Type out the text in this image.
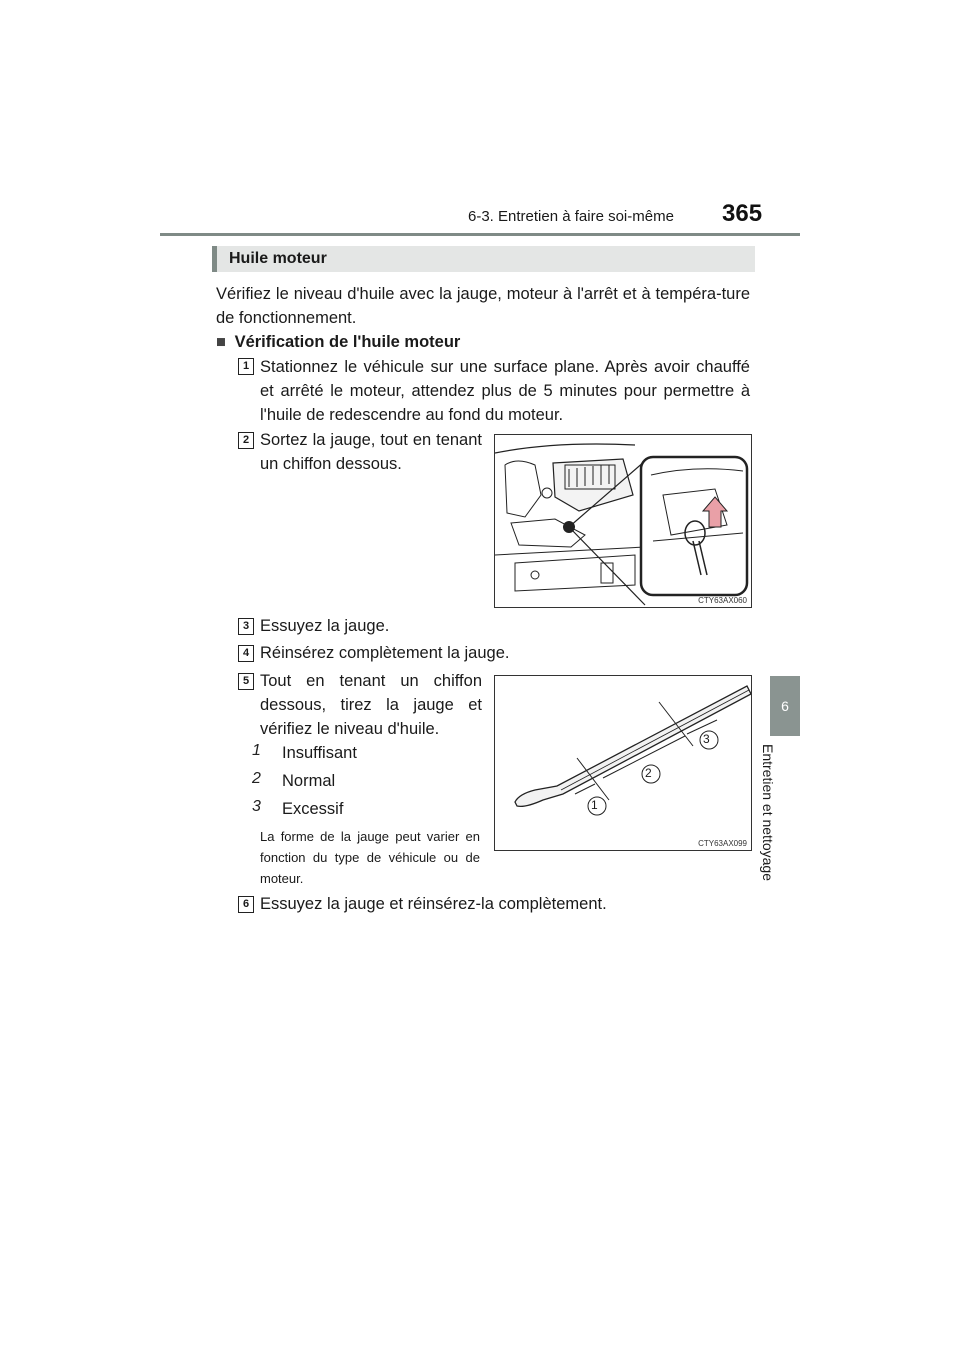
6-3. Entretien à faire soi-même 365
6
Entretien et nettoyage
Huile moteur
Vérifiez le niveau d'huile avec la jauge, moteur à l'arrêt et à tempéra-ture de fonctionnement.
■ Vérification de l'huile moteur
1 Stationnez le véhicule sur une surface plane. Après avoir chauffé et arrêté le moteur, attendez plus de 5 minutes pour permettre à l'huile de redescendre au fond du moteur.
2 Sortez la jauge, tout en tenant un chiffon dessous.
CTY63AX060
3 Essuyez la jauge.
4 Réinsérez complètement la jauge.
5 Tout en tenant un chiffon dessous, tirez la jauge et vérifiez le niveau d'huile.
1 Insuffisant
2 Normal
3 Excessif
La forme de la jauge peut varier en fonction du type de véhicule ou de moteur.
1
2
3
CTY63AX099
6 Essuyez la jauge et réinsérez-la complètement.
